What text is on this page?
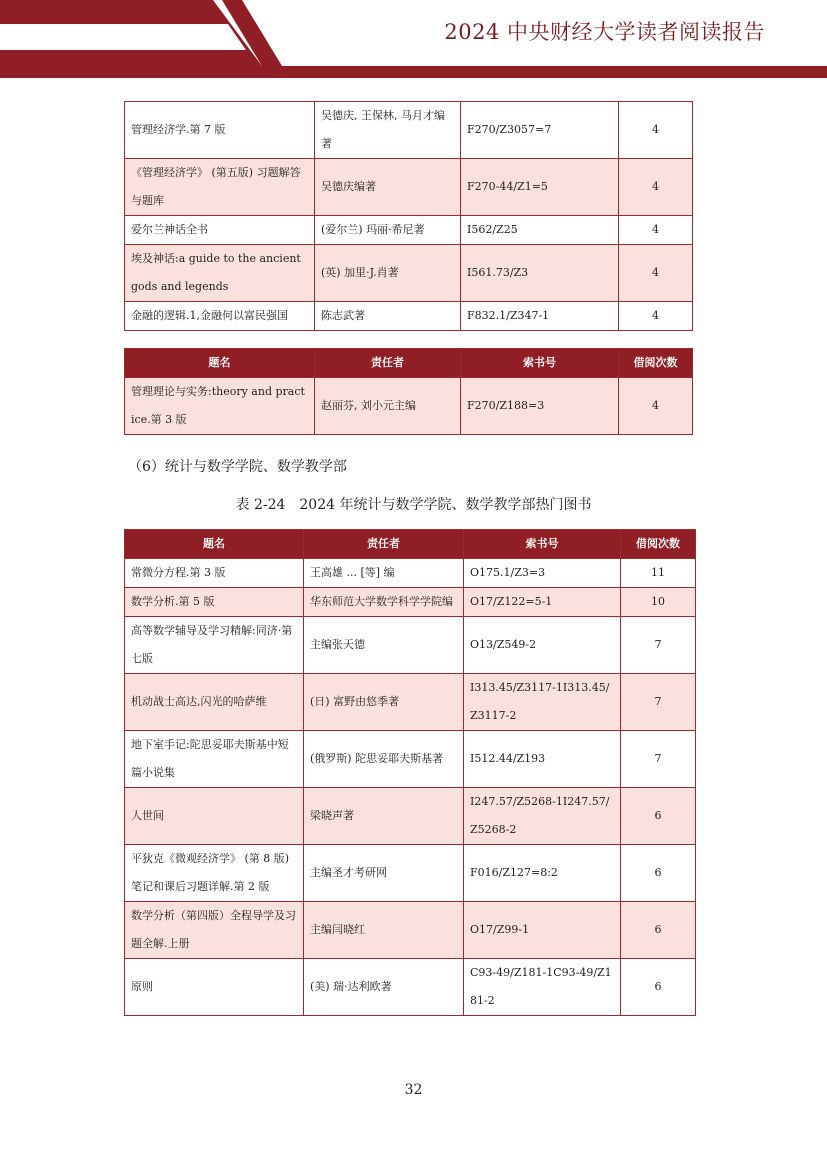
2024 中央财经大学读者阅读报告
管理经济学.第 7 版	吴德庆, 王保林, 马月才编著	F270/Z3057=7	4
《管理经济学》 (第五版) 习题解答与题库	吴德庆编著	F270-44/Z1=5	4
爱尔兰神话全书	(爱尔兰) 玛丽·希尼著	I562/Z25	4
埃及神话:a guide to the ancient gods and legends	(英) 加里·J.肖著	I561.73/Z3	4
金融的逻辑.1,金融何以富民强国	陈志武著	F832.1/Z347-1	4
题名	责任者	索书号	借阅次数
管理理论与实务:theory and practice.第 3 版	赵丽芬, 刘小元主编	F270/Z188=3	4
（6）统计与数学学院、数学教学部
表 2-24　2024 年统计与数学学院、数学教学部热门图书
题名	责任者	索书号	借阅次数
常微分方程.第 3 版	王高雄 ... [等] 编	O175.1/Z3=3	11
数学分析.第 5 版	华东师范大学数学科学学院编	O17/Z122=5-1	10
高等数学辅导及学习精解:同济·第七版	主编张天德	O13/Z549-2	7
机动战士高达,闪光的哈萨维	(日) 富野由悠季著	I313.45/Z3117-1I313.45/Z3117-2	7
地下室手记:陀思妥耶夫斯基中短篇小说集	(俄罗斯) 陀思妥耶夫斯基著	I512.44/Z193	7
人世间	梁晓声著	I247.57/Z5268-1I247.57/Z5268-2	6
平狄克《微观经济学》 (第 8 版) 笔记和课后习题详解.第 2 版	主编圣才考研网	F016/Z127=8:2	6
数学分析（第四版）全程导学及习题全解.上册	主编闫晓红	O17/Z99-1	6
原则	(美) 瑞·达利欧著	C93-49/Z181-1C93-49/Z181-2	6
32
